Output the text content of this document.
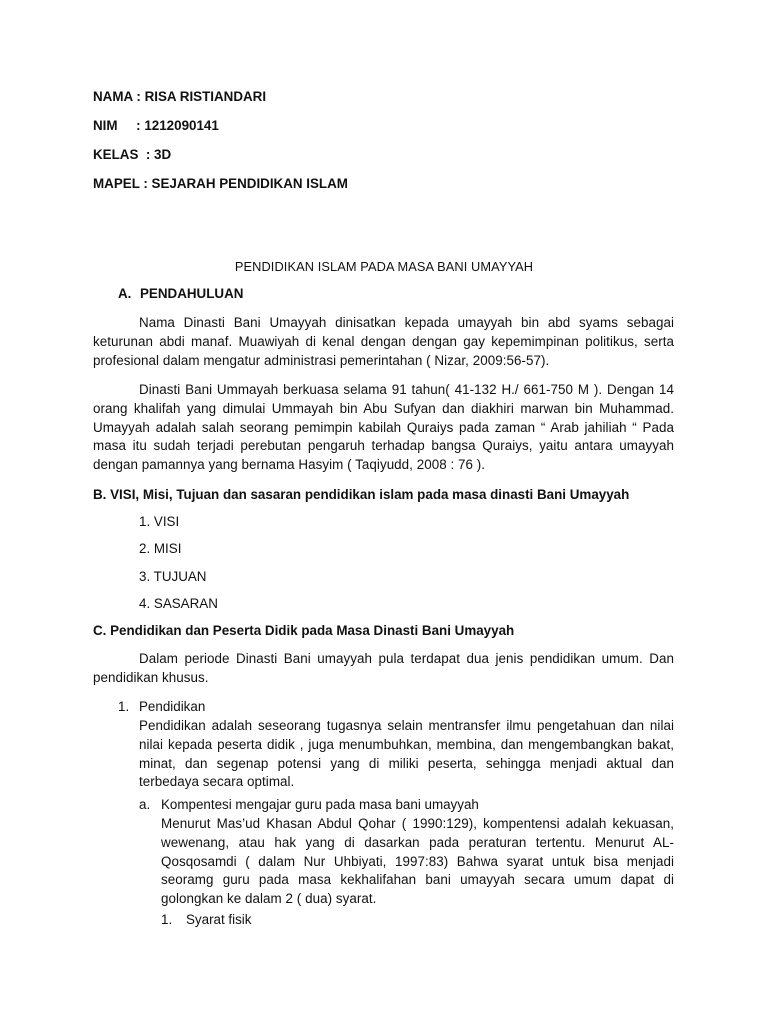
NAMA : RISA RISTIANDARI

NIM     : 1212090141

KELAS  : 3D

MAPEL : SEJARAH PENDIDIKAN ISLAM

PENDIDIKAN ISLAM PADA MASA BANI UMAYYAH

A. PENDAHULUAN

Nama Dinasti Bani Umayyah dinisatkan kepada umayyah bin abd syams sebagai keturunan abdi manaf. Muawiyah di kenal dengan dengan gay kepemimpinan politikus, serta profesional dalam mengatur administrasi pemerintahan ( Nizar, 2009:56-57).

Dinasti Bani Ummayah berkuasa selama 91 tahun( 41-132 H./ 661-750 M ). Dengan 14 orang khalifah yang dimulai Ummayah bin Abu Sufyan dan diakhiri marwan bin Muhammad. Umayyah adalah salah seorang pemimpin kabilah Quraiys pada zaman “ Arab jahiliah “ Pada masa itu sudah terjadi perebutan pengaruh terhadap bangsa Quraiys, yaitu antara umayyah dengan pamannya yang bernama Hasyim ( Taqiyudd, 2008 : 76 ).

B. VISI, Misi, Tujuan dan sasaran pendidikan islam pada masa dinasti Bani Umayyah

1. VISI

2. MISI

3. TUJUAN

4. SASARAN

C. Pendidikan dan Peserta Didik pada Masa Dinasti Bani Umayyah

Dalam periode Dinasti Bani umayyah pula terdapat dua jenis pendidikan umum. Dan pendidikan khusus.

1. Pendidikan

Pendidikan adalah seseorang tugasnya selain mentransfer ilmu pengetahuan dan nilai nilai kepada peserta didik , juga menumbuhkan, membina, dan mengembangkan bakat, minat, dan segenap potensi yang di miliki peserta, sehingga menjadi aktual dan terbedaya secara optimal.

a. Kompentesi mengajar guru pada masa bani umayyah

Menurut Mas’ud Khasan Abdul Qohar ( 1990:129), kompentensi adalah kekuasan, wewenang, atau hak yang di dasarkan pada peraturan tertentu. Menurut AL-Qosqosamdi ( dalam Nur Uhbiyati, 1997:83) Bahwa syarat untuk bisa menjadi seoramg guru pada masa kekhalifahan bani umayyah secara umum dapat di golongkan ke dalam 2 ( dua) syarat.

1. Syarat fisik
